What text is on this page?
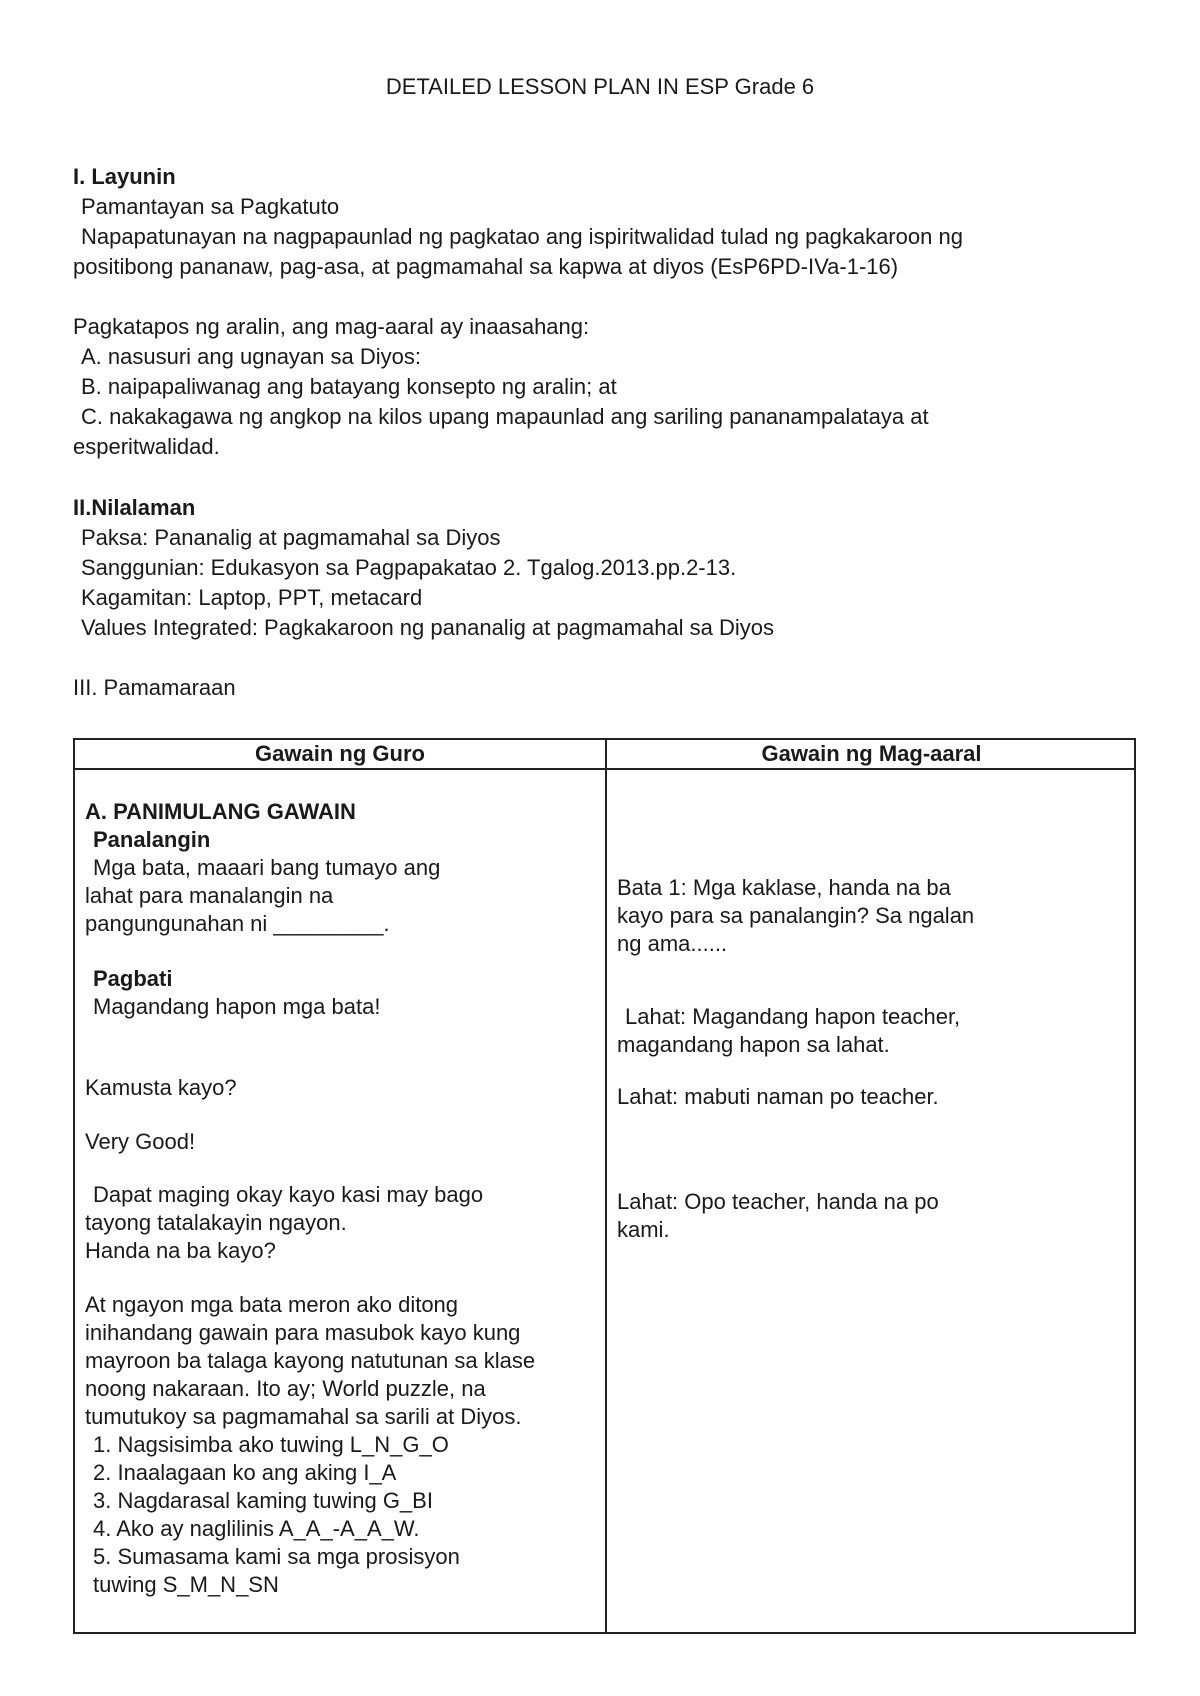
DETAILED LESSON PLAN IN ESP Grade 6
I. Layunin
Pamantayan sa Pagkatuto
Napapatunayan na nagpapaunlad ng pagkatao ang ispiritwalidad tulad ng pagkakaroon ng
positibong pananaw, pag-asa, at pagmamahal sa kapwa at diyos (EsP6PD-IVa-1-16)
Pagkatapos ng aralin, ang mag-aaral ay inaasahang:
A. nasusuri ang ugnayan sa Diyos:
B. naipapaliwanag ang batayang konsepto ng aralin; at
C. nakakagawa ng angkop na kilos upang mapaunlad ang sariling pananampalataya at
esperitwalidad.
II.Nilalaman
Paksa: Pananalig at pagmamahal sa Diyos
Sanggunian: Edukasyon sa Pagpapakatao 2. Tgalog.2013.pp.2-13.
Kagamitan: Laptop, PPT, metacard
Values Integrated: Pagkakaroon ng pananalig at pagmamahal sa Diyos
III. Pamamaraan
Gawain ng Guro	Gawain ng Mag-aaral
A. PANIMULANG GAWAIN
Panalangin
Mga bata, maaari bang tumayo ang
lahat para manalangin na
pangungunahan ni _________.
Pagbati
Magandang hapon mga bata!
Kamusta kayo?
Very Good!
Dapat maging okay kayo kasi may bago
tayong tatalakayin ngayon.
Handa na ba kayo?
At ngayon mga bata meron ako ditong
inihandang gawain para masubok kayo kung
mayroon ba talaga kayong natutunan sa klase
noong nakaraan. Ito ay; World puzzle, na
tumutukoy sa pagmamahal sa sarili at Diyos.
1. Nagsisimba ako tuwing L_N_G_O
2. Inaalagaan ko ang aking I_A
3. Nagdarasal kaming tuwing G_BI
4. Ako ay naglilinis A_A_-A_A_W.
5. Sumasama kami sa mga prosisyon
tuwing S_M_N_SN
Bata 1: Mga kaklase, handa na ba
kayo para sa panalangin? Sa ngalan
ng ama......
Lahat: Magandang hapon teacher,
magandang hapon sa lahat.
Lahat: mabuti naman po teacher.
Lahat: Opo teacher, handa na po
kami.
